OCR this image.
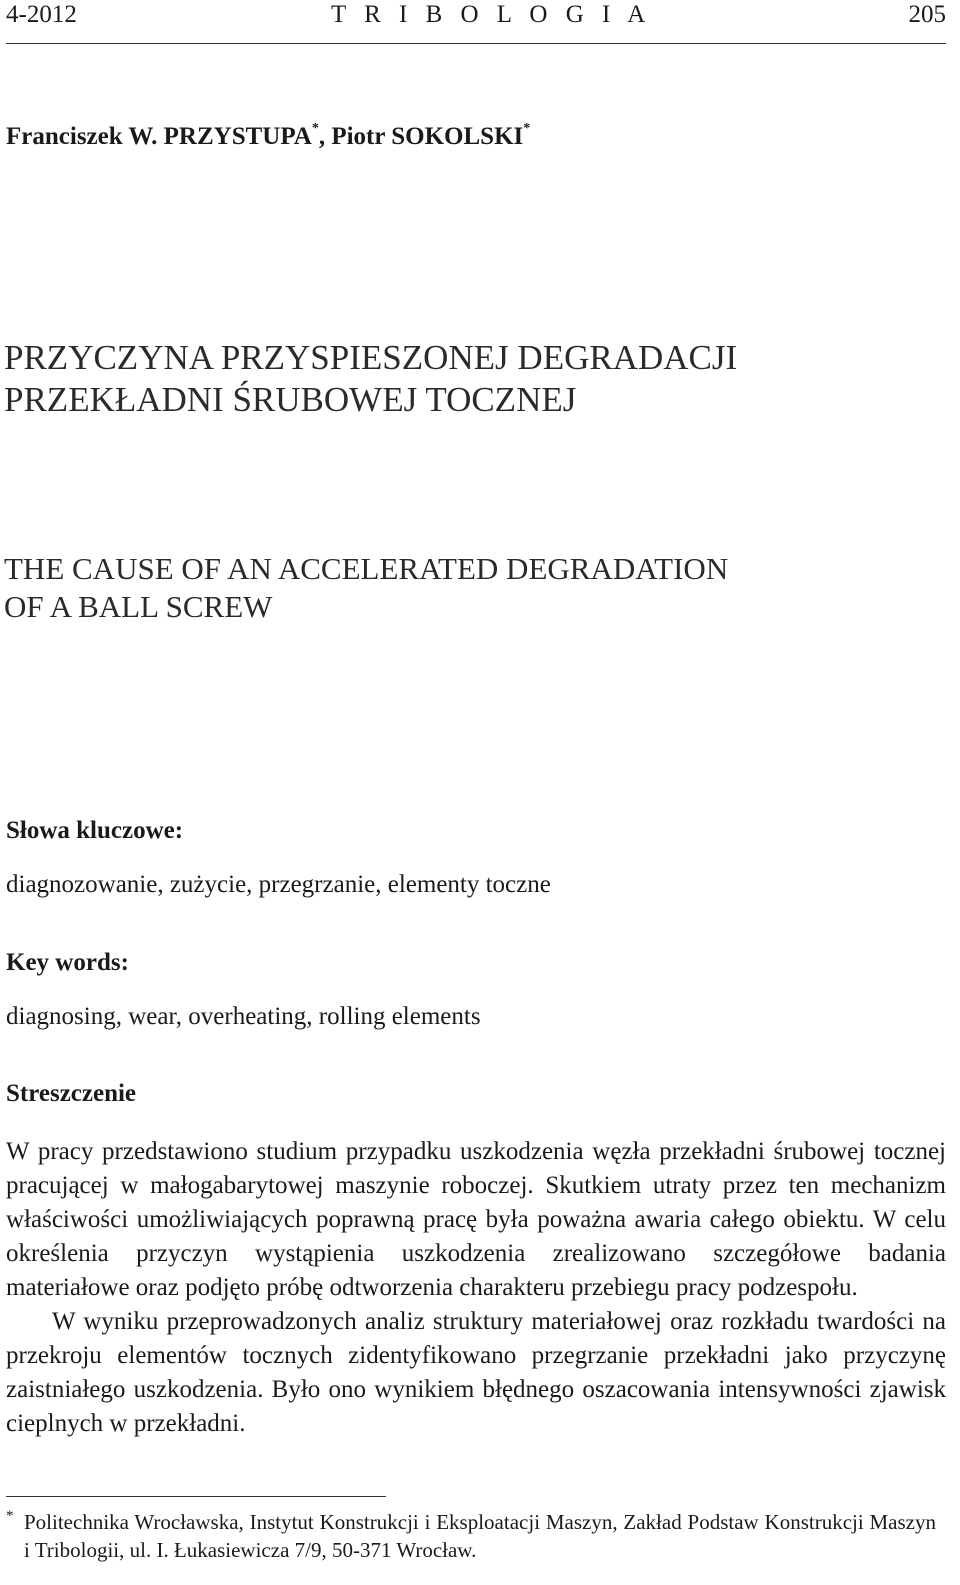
4-2012	T R I B O L O G I A	205
Franciszek W. PRZYSTUPA*, Piotr SOKOLSKI*
PRZYCZYNA PRZYSPIESZONEJ DEGRADACJI
PRZEKŁADNI ŚRUBOWEJ TOCZNEJ
THE CAUSE OF AN ACCELERATED DEGRADATION
OF A BALL SCREW
Słowa kluczowe:
diagnozowanie, zużycie, przegrzanie, elementy toczne
Key words:
diagnosing, wear, overheating, rolling elements
Streszczenie

W pracy przedstawiono studium przypadku uszkodzenia węzła przekładni śrubowej tocznej pracującej w małogabarytowej maszynie roboczej. Skutkiem utraty przez ten mechanizm właściwości umożliwiających poprawną pracę była poważna awaria całego obiektu. W celu określenia przyczyn wystąpienia uszkodzenia zrealizowano szczegółowe badania materiałowe oraz podjęto próbę odtworzenia charakteru przebiegu pracy podzespołu.

W wyniku przeprowadzonych analiz struktury materiałowej oraz rozkładu twardości na przekroju elementów tocznych zidentyfikowano przegrzanie przekładni jako przyczynę zaistniałego uszkodzenia. Było ono wynikiem błędnego oszacowania intensywności zjawisk cieplnych w przekładni.

* Politechnika Wrocławska, Instytut Konstrukcji i Eksploatacji Maszyn, Zakład Podstaw Konstrukcji Maszyn i Tribologii, ul. I. Łukasiewicza 7/9, 50-371 Wrocław.
